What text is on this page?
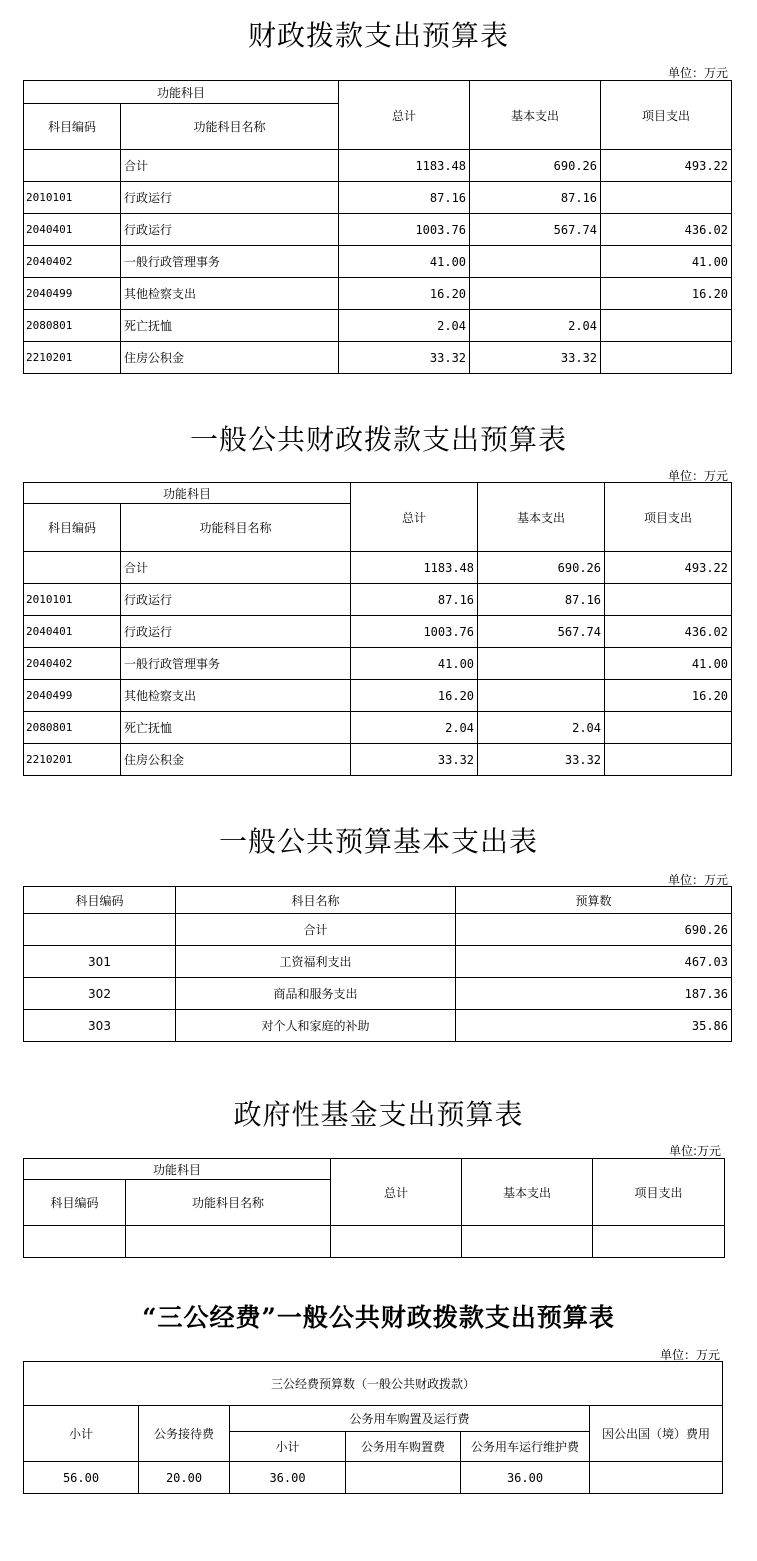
财政拨款支出预算表
单位：万元
功能科目		总计	基本支出	项目支出
科目编码	功能科目名称			
	合计	1183.48	690.26	493.22
2010101	行政运行	87.16	87.16	
2040401	行政运行	1003.76	567.74	436.02
2040402	一般行政管理事务	41.00		41.00
2040499	其他检察支出	16.20		16.20
2080801	死亡抚恤	2.04	2.04	
2210201	住房公积金	33.32	33.32	
一般公共财政拨款支出预算表
单位：万元
功能科目		总计	基本支出	项目支出
科目编码	功能科目名称			
	合计	1183.48	690.26	493.22
2010101	行政运行	87.16	87.16	
2040401	行政运行	1003.76	567.74	436.02
2040402	一般行政管理事务	41.00		41.00
2040499	其他检察支出	16.20		16.20
2080801	死亡抚恤	2.04	2.04	
2210201	住房公积金	33.32	33.32	
一般公共预算基本支出表
单位：万元
科目编码	科目名称	预算数
	合计	690.26
301	工资福利支出	467.03
302	商品和服务支出	187.36
303	对个人和家庭的补助	35.86
政府性基金支出预算表
单位:万元
功能科目		总计	基本支出	项目支出
科目编码	功能科目名称			

“三公经费”一般公共财政拨款支出预算表
单位：万元
三公经费预算数（一般公共财政拨款）					
小计	公务接待费	公务用车购置及运行费			因公出国（境）费用
		小计	公务用车购置费	公务用车运行维护费	
56.00	20.00	36.00		36.00	
